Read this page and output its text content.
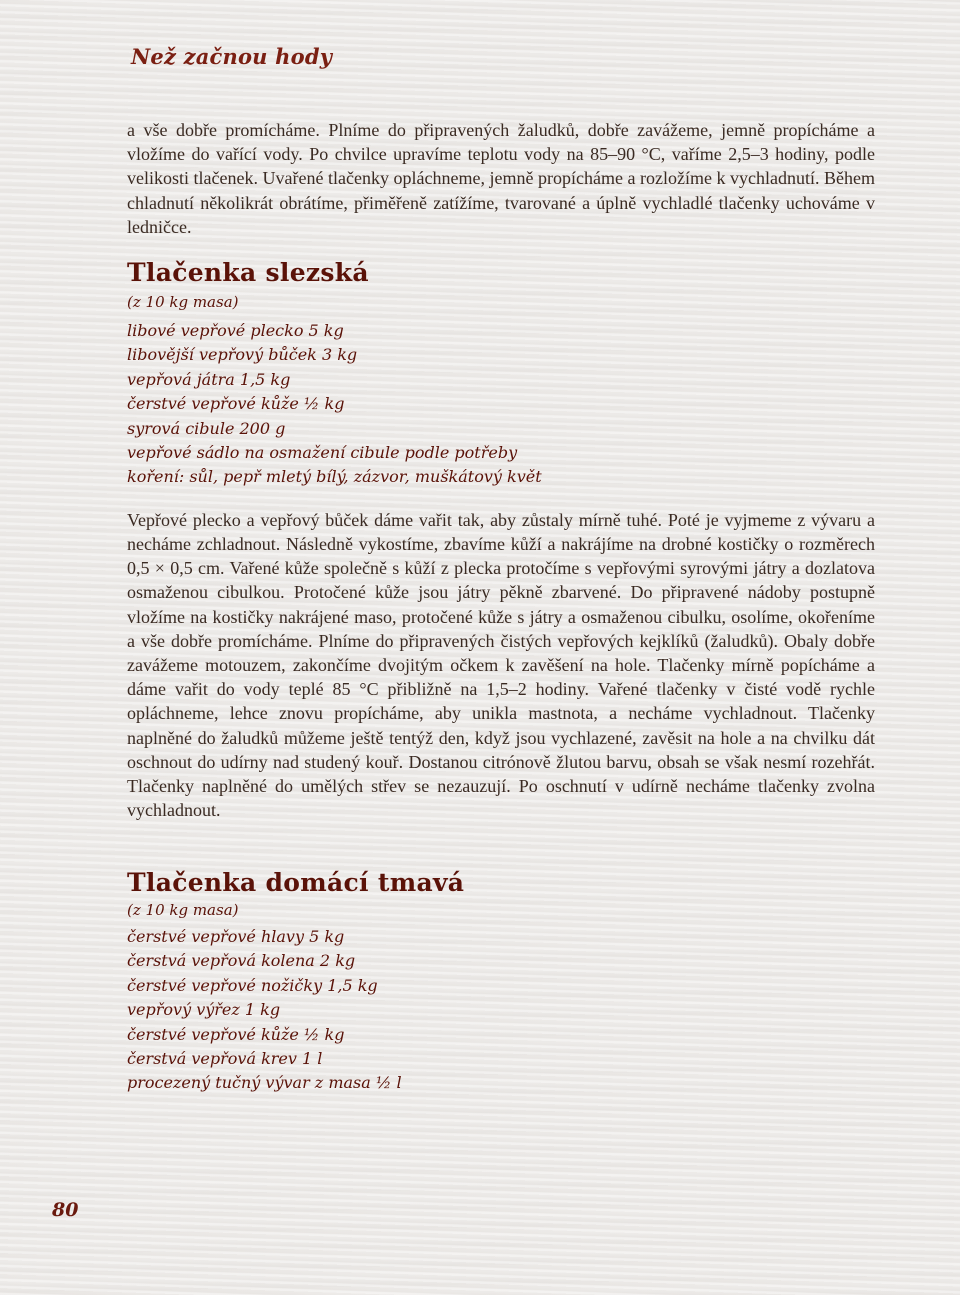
Než začnou hody

a vše dobře promícháme. Plníme do připravených žaludků, dobře zavážeme, jemně propícháme a vložíme do vařící vody. Po chvilce upravíme teplotu vody na 85–90 °C, vaříme 2,5–3 hodiny, podle velikosti tlačenek. Uvařené tlačenky opláchneme, jemně propícháme a rozložíme k vychladnutí. Během chladnutí několikrát obrátíme, přiměřeně zatížíme, tvarované a úplně vychladlé tlačenky uchováme v ledničce.

Tlačenka slezská

(z 10 kg masa)

libové vepřové plecko 5 kg
libovější vepřový bůček 3 kg
vepřová játra 1,5 kg
čerstvé vepřové kůže ½ kg
syrová cibule 200 g
vepřové sádlo na osmažení cibule podle potřeby
koření: sůl, pepř mletý bílý, zázvor, muškátový květ

Vepřové plecko a vepřový bůček dáme vařit tak, aby zůstaly mírně tuhé. Poté je vyjmeme z vývaru a necháme zchladnout. Následně vykostíme, zbavíme kůží a nakrájíme na drobné kostičky o rozměrech 0,5 × 0,5 cm. Vařené kůže společně s kůží z plecka protočíme s vepřovými syrovými játry a dozlatova osmaženou cibulkou. Protočené kůže jsou játry pěkně zbarvené. Do připravené nádoby postupně vložíme na kostičky nakrájené maso, protočené kůže s játry a osmaženou cibulku, osolíme, okořeníme a vše dobře promícháme. Plníme do připravených čistých vepřových kejklíků (žaludků). Obaly dobře zavážeme motouzem, zakončíme dvojitým očkem k zavěšení na hole. Tlačenky mírně popícháme a dáme vařit do vody teplé 85 °C přibližně na 1,5–2 hodiny. Vařené tlačenky v čisté vodě rychle opláchneme, lehce znovu propícháme, aby unikla mastnota, a necháme vychladnout. Tlačenky naplněné do žaludků můžeme ještě tentýž den, když jsou vychlazené, zavěsit na hole a na chvilku dát oschnout do udírny nad studený kouř. Dostanou citrónově žlutou barvu, obsah se však nesmí rozehřát. Tlačenky naplněné do umělých střev se nezauzují. Po oschnutí v udírně necháme tlačenky zvolna vychladnout.

Tlačenka domácí tmavá

(z 10 kg masa)

čerstvé vepřové hlavy 5 kg
čerstvá vepřová kolena 2 kg
čerstvé vepřové nožičky 1,5 kg
vepřový výřez 1 kg
čerstvé vepřové kůže ½ kg
čerstvá vepřová krev 1 l
procezený tučný vývar z masa ½ l
80
